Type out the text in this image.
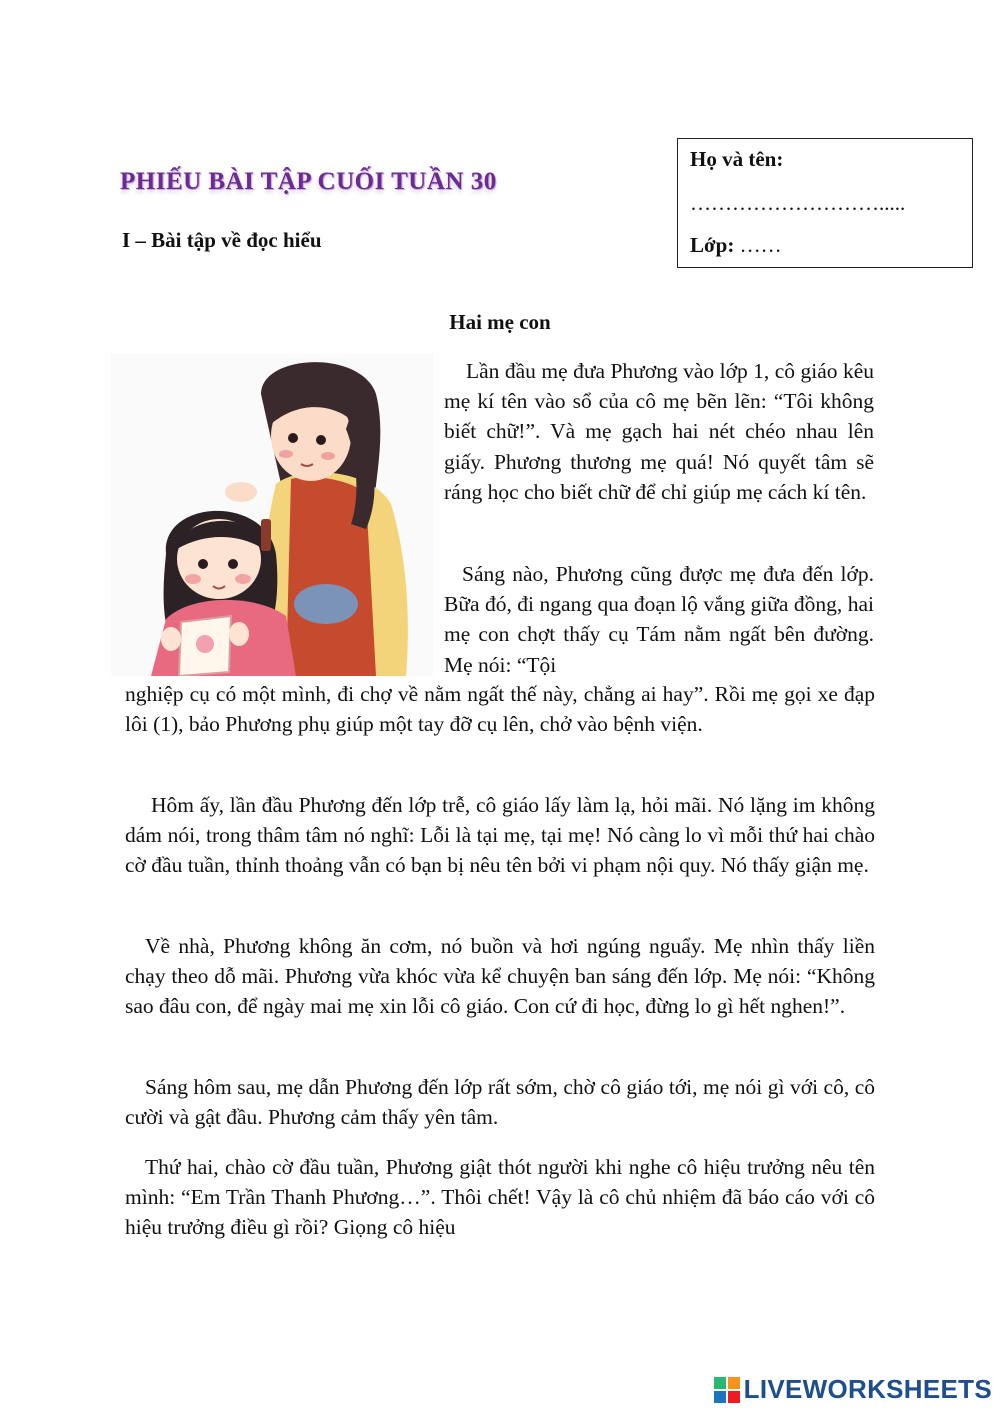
PHIẾU BÀI TẬP CUỐI TUẦN 30
I – Bài tập về đọc hiểu
Họ và tên:
……………………….....
Lớp: ……
Hai mẹ con

Lần đầu mẹ đưa Phương vào lớp 1, cô giáo kêu mẹ kí tên vào sổ của cô mẹ bẽn lẽn: “Tôi không biết chữ!”. Và mẹ gạch hai nét chéo nhau lên giấy. Phương thương mẹ quá! Nó quyết tâm sẽ ráng học cho biết chữ để chỉ giúp mẹ cách kí tên.

Sáng nào, Phương cũng được mẹ đưa đến lớp. Bữa đó, đi ngang qua đoạn lộ vắng giữa đồng, hai mẹ con chợt thấy cụ Tám nằm ngất bên đường. Mẹ nói: “Tội

nghiệp cụ có một mình, đi chợ về nằm ngất thế này, chẳng ai hay”. Rồi mẹ gọi xe đạp lôi (1), bảo Phương phụ giúp một tay đỡ cụ lên, chở vào bệnh viện.

Hôm ấy, lần đầu Phương đến lớp trễ, cô giáo lấy làm lạ, hỏi mãi. Nó lặng im không dám nói, trong thâm tâm nó nghĩ: Lỗi là tại mẹ, tại mẹ! Nó càng lo vì mỗi thứ hai chào cờ đầu tuần, thỉnh thoảng vẫn có bạn bị nêu tên bởi vi phạm nội quy. Nó thấy giận mẹ.

Về nhà, Phương không ăn cơm, nó buồn và hơi ngúng nguẩy. Mẹ nhìn thấy liền chạy theo dỗ mãi. Phương vừa khóc vừa kể chuyện ban sáng đến lớp. Mẹ nói: “Không sao đâu con, để ngày mai mẹ xin lỗi cô giáo. Con cứ đi học, đừng lo gì hết nghen!”.

Sáng hôm sau, mẹ dẫn Phương đến lớp rất sớm, chờ cô giáo tới, mẹ nói gì với cô, cô cười và gật đầu. Phương cảm thấy yên tâm.

Thứ hai, chào cờ đầu tuần, Phương giật thót người khi nghe cô hiệu trưởng nêu tên mình: “Em Trần Thanh Phương…”. Thôi chết! Vậy là cô chủ nhiệm đã báo cáo với cô hiệu trưởng điều gì rồi? Giọng cô hiệu

LIVEWORKSHEETS
